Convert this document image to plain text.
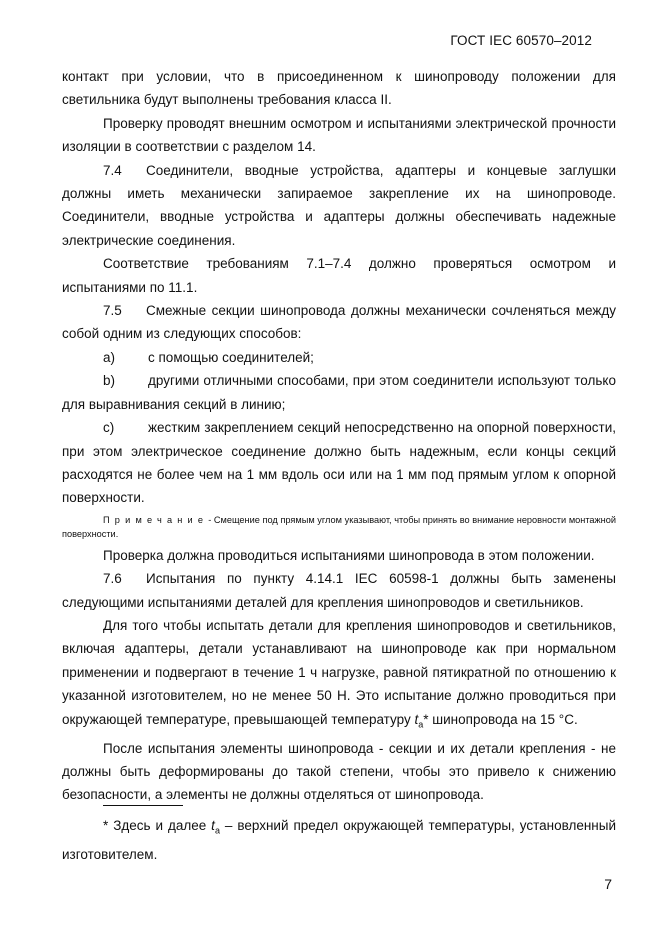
ГОСТ IEC 60570–2012

контакт при условии, что в присоединенном к шинопроводу положении для светильника будут выполнены требования класса II.

Проверку проводят внешним осмотром и испытаниями электрической прочности изоляции в соответствии с разделом 14.

7.4 Соединители, вводные устройства, адаптеры и концевые заглушки должны иметь механически запираемое закрепление их на шинопроводе. Соединители, вводные устройства и адаптеры должны обеспечивать надежные электрические соединения.

Соответствие требованиям 7.1–7.4 должно проверяться осмотром и испытаниями по 11.1.

7.5 Смежные секции шинопровода должны механически сочленяться между собой одним из следующих способов:

a) с помощью соединителей;

b) другими отличными способами, при этом соединители используют только для выравнивания секций в линию;

c)	жестким закреплением секций непосредственно на опорной поверхности, при этом электрическое соединение должно быть надежным, если концы секций расходятся не более чем на 1 мм вдоль оси или на 1 мм под прямым углом к опорной поверхности.

Примечание- Смещение под прямым углом указывают, чтобы принять во внимание неровности монтажной поверхности.

Проверка должна проводиться испытаниями шинопровода в этом положении.

7.6 Испытания по пункту 4.14.1 IEC 60598-1 должны быть заменены следующими испытаниями деталей для крепления шинопроводов и светильников.

Для того чтобы испытать детали для крепления шинопроводов и светильников, включая адаптеры, детали устанавливают на шинопроводе как при нормальном применении и подвергают в течение 1 ч нагрузке, равной пятикратной по отношению к указанной изготовителем, но не менее 50 Н. Это испытание должно проводиться при окружающей температуре, превышающей температуру $t_a*$ шинопровода на 15 °С.

После испытания элементы шинопровода - секции и их детали крепления - не должны быть деформированы до такой степени, чтобы это привело к снижению безопасности, а элементы не должны отделяться от шинопровода.

* Здесь и далее $t_a$ – верхний предел окружающей температуры, установленный изготовителем.

7
